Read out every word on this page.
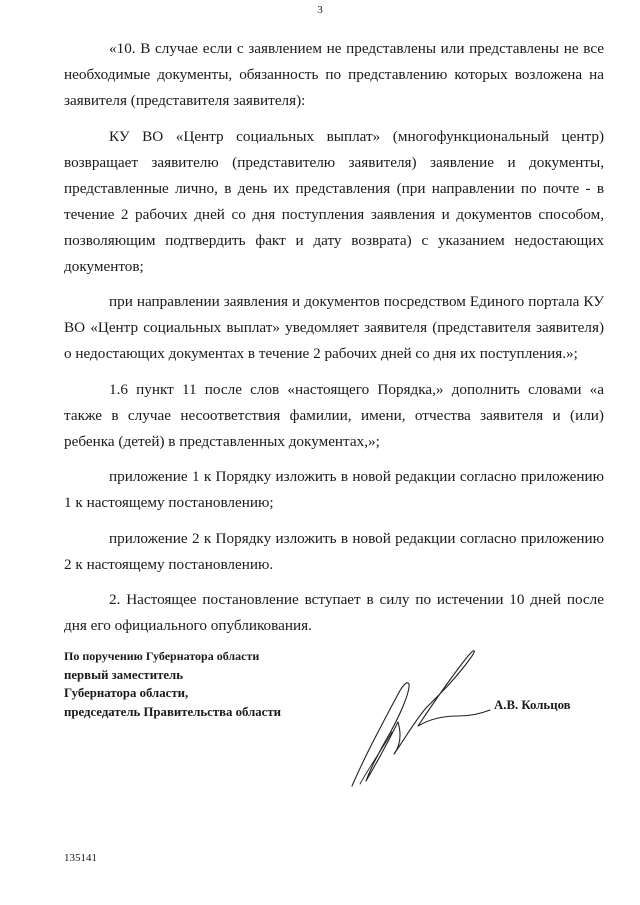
3

«10. В случае если с заявлением не представлены или представлены не все необходимые документы, обязанность по представлению которых возложена на заявителя (представителя заявителя):

КУ ВО «Центр социальных выплат» (многофункциональный центр) возвращает заявителю (представителю заявителя) заявление и документы, представленные лично, в день их представления (при направлении по почте - в течение 2 рабочих дней со дня поступления заявления и документов способом, позволяющим подтвердить факт и дату возврата) с указанием недостающих документов;

при направлении заявления и документов посредством Единого портала КУ ВО «Центр социальных выплат» уведомляет заявителя (представителя заявителя) о недостающих документах в течение 2 рабочих дней со дня их поступления.»;

1.6 пункт 11 после слов «настоящего Порядка,» дополнить словами «а также в случае несоответствия фамилии, имени, отчества заявителя и (или) ребенка (детей) в представленных документах,»;

приложение 1 к Порядку изложить в новой редакции согласно приложению 1 к настоящему постановлению;

приложение 2 к Порядку изложить в новой редакции согласно приложению 2 к настоящему постановлению.

2. Настоящее постановление вступает в силу по истечении 10 дней после дня его официального опубликования.

По поручению Губернатора области
первый заместитель
Губернатора области,
председатель Правительства области	А.В. Кольцов
135141
